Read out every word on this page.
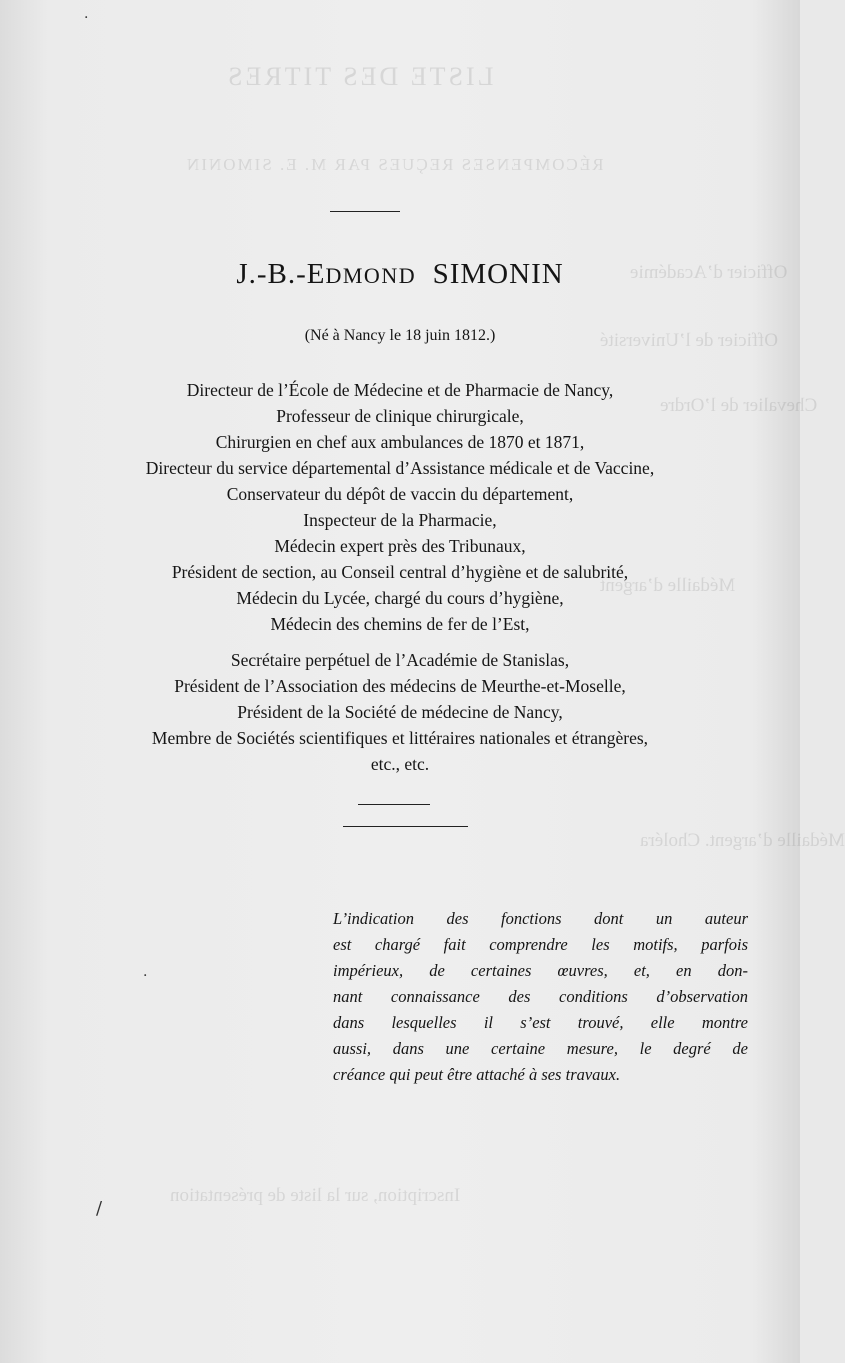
LISTE DES TITRES
RÉCOMPENSES REÇUES PAR M. E. SIMONIN
Officier d’Académie
Officier de l’Université
Chevalier de l’Ordre
Médaille d’argent
Médaille d’argent. Choléra
Inscription, sur la liste de présentation
J.-B.-EDMOND SIMONIN
(Né à Nancy le 18 juin 1812.)
Directeur de l’École de Médecine et de Pharmacie de Nancy,
Professeur de clinique chirurgicale,
Chirurgien en chef aux ambulances de 1870 et 1871,
Directeur du service départemental d’Assistance médicale et de Vaccine,
Conservateur du dépôt de vaccin du département,
Inspecteur de la Pharmacie,
Médecin expert près des Tribunaux,
Président de section, au Conseil central d’hygiène et de salubrité,
Médecin du Lycée, chargé du cours d’hygiène,
Médecin des chemins de fer de l’Est,
Secrétaire perpétuel de l’Académie de Stanislas,
Président de l’Association des médecins de Meurthe-et-Moselle,
Président de la Société de médecine de Nancy,
Membre de Sociétés scientifiques et littéraires nationales et étrangères,
etc., etc.
L’indication des fonctions dont un auteur
est chargé fait comprendre les motifs, parfois
impérieux, de certaines œuvres, et, en don-
nant connaissance des conditions d’observation
dans lesquelles il s’est trouvé, elle montre
aussi, dans une certaine mesure, le degré de
créance qui peut être attaché à ses travaux.
/
·
·
